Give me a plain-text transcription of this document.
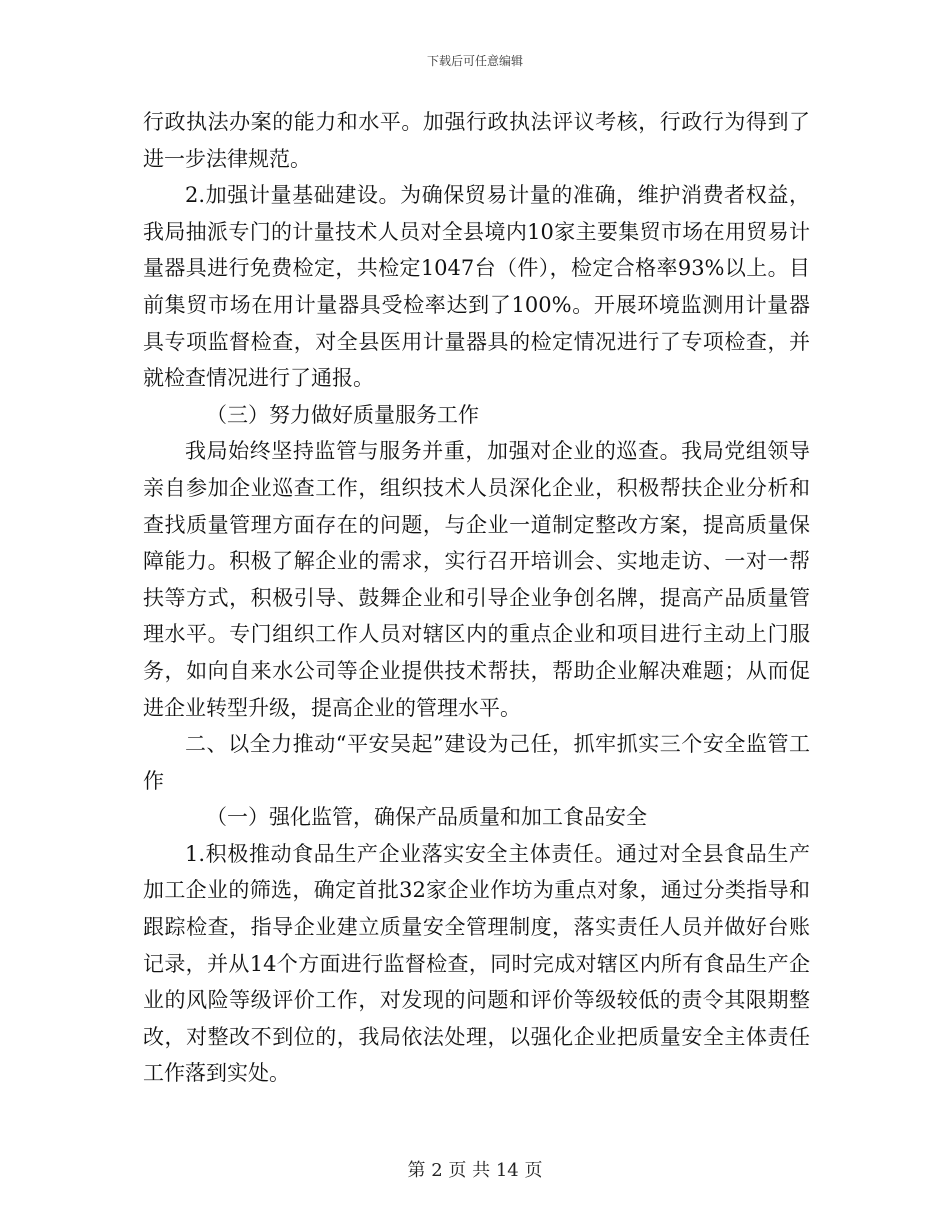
下载后可任意编辑

行政执法办案的能力和水平。加强行政执法评议考核，行政行为得到了进一步法律规范。

2.加强计量基础建设。为确保贸易计量的准确，维护消费者权益，我局抽派专门的计量技术人员对全县境内10家主要集贸市场在用贸易计量器具进行免费检定，共检定1047台（件），检定合格率93%以上。目前集贸市场在用计量器具受检率达到了100%。开展环境监测用计量器具专项监督检查，对全县医用计量器具的检定情况进行了专项检查，并就检查情况进行了通报。

（三）努力做好质量服务工作

我局始终坚持监管与服务并重，加强对企业的巡查。我局党组领导亲自参加企业巡查工作，组织技术人员深化企业，积极帮扶企业分析和查找质量管理方面存在的问题，与企业一道制定整改方案，提高质量保障能力。积极了解企业的需求，实行召开培训会、实地走访、一对一帮扶等方式，积极引导、鼓舞企业和引导企业争创名牌，提高产品质量管理水平。专门组织工作人员对辖区内的重点企业和项目进行主动上门服务，如向自来水公司等企业提供技术帮扶，帮助企业解决难题；从而促进企业转型升级，提高企业的管理水平。

二、以全力推动“平安吴起”建设为己任，抓牢抓实三个安全监管工作

（一）强化监管，确保产品质量和加工食品安全

1.积极推动食品生产企业落实安全主体责任。通过对全县食品生产加工企业的筛选，确定首批32家企业作坊为重点对象，通过分类指导和跟踪检查，指导企业建立质量安全管理制度，落实责任人员并做好台账记录，并从14个方面进行监督检查，同时完成对辖区内所有食品生产企业的风险等级评价工作，对发现的问题和评价等级较低的责令其限期整改，对整改不到位的，我局依法处理，以强化企业把质量安全主体责任工作落到实处。

第 2 页 共 14 页
